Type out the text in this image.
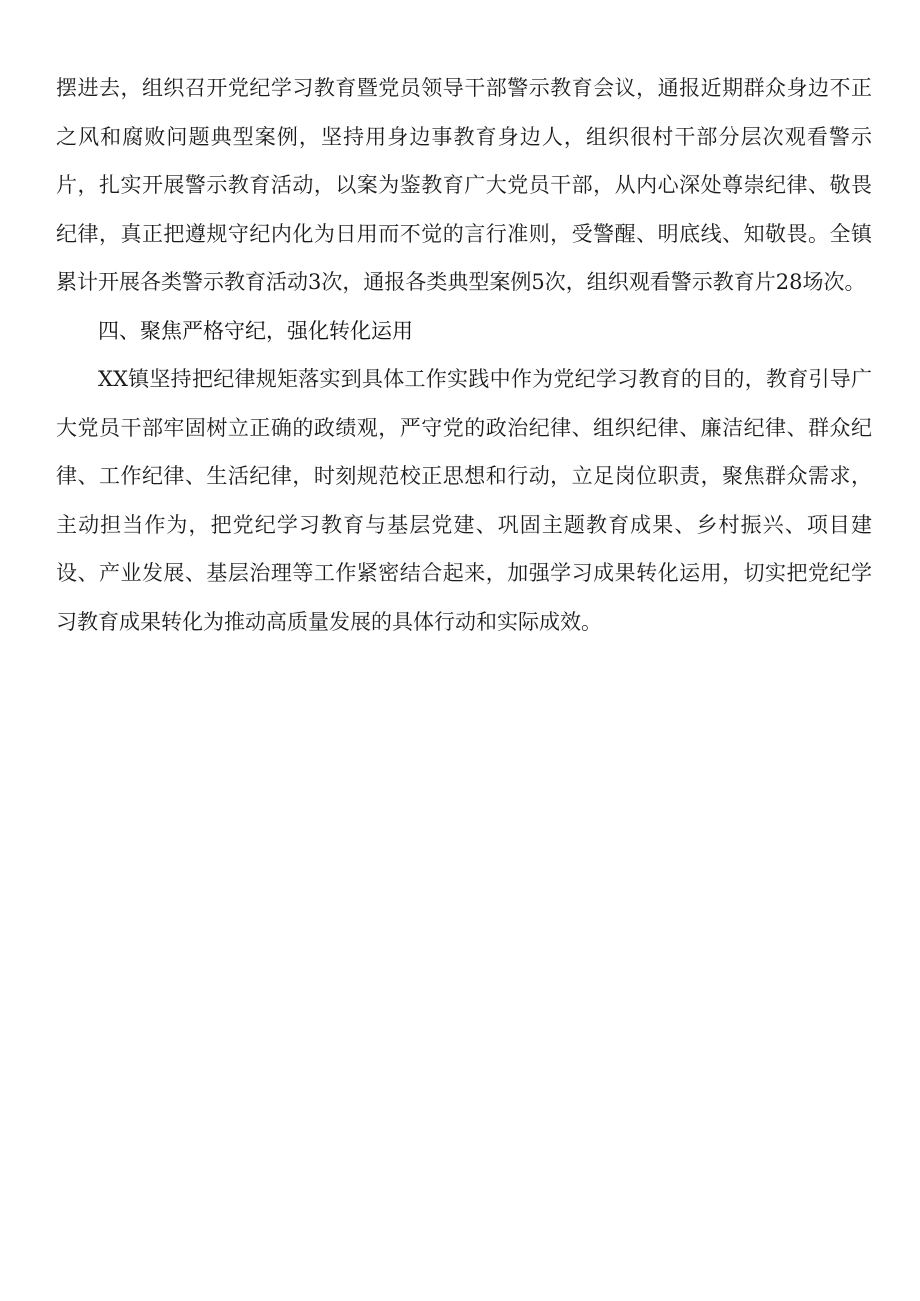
摆进去，组织召开党纪学习教育暨党员领导干部警示教育会议，通报近期群众身边不正之风和腐败问题典型案例，坚持用身边事教育身边人，组织很村干部分层次观看警示片，扎实开展警示教育活动，以案为鉴教育广大党员干部，从内心深处尊崇纪律、敬畏纪律，真正把遵规守纪内化为日用而不觉的言行准则，受警醒、明底线、知敬畏。全镇累计开展各类警示教育活动3次，通报各类典型案例5次，组织观看警示教育片28场次。

四、聚焦严格守纪，强化转化运用

XX镇坚持把纪律规矩落实到具体工作实践中作为党纪学习教育的目的，教育引导广大党员干部牢固树立正确的政绩观，严守党的政治纪律、组织纪律、廉洁纪律、群众纪律、工作纪律、生活纪律，时刻规范校正思想和行动，立足岗位职责，聚焦群众需求，主动担当作为，把党纪学习教育与基层党建、巩固主题教育成果、乡村振兴、项目建设、产业发展、基层治理等工作紧密结合起来，加强学习成果转化运用，切实把党纪学习教育成果转化为推动高质量发展的具体行动和实际成效。
